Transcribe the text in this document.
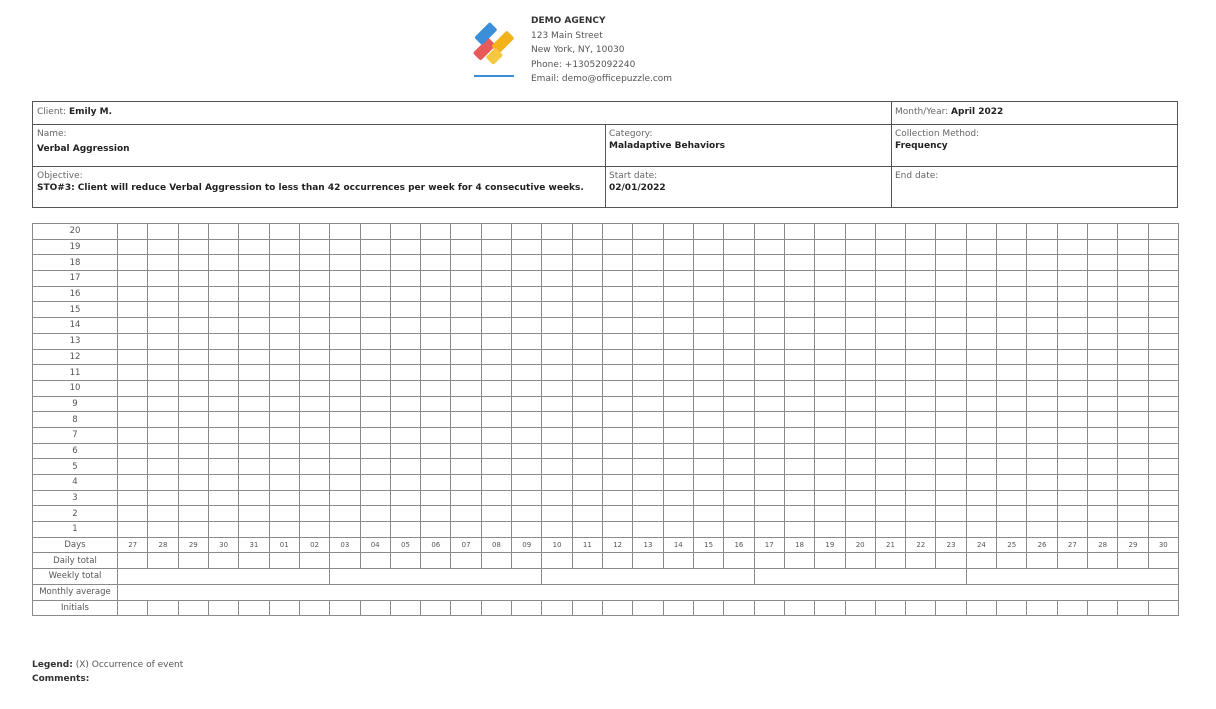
DEMO AGENCY
123 Main Street
New York, NY, 10030
Phone: +13052092240
Email: demo@officepuzzle.com
Client: Emily M.	Month/Year: April 2022
Name:
Verbal Aggression
Category:
Maladaptive Behaviors
Collection Method:
Frequency
Objective:
STO#3: Client will reduce Verbal Aggression to less than 42 occurrences per week for 4 consecutive weeks.
Start date:
02/01/2022
End date:
20																																			
19																																			
18																																			
17																																			
16																																			
15																																			
14																																			
13																																			
12																																			
11																																			
10																																			
9																																			
8																																			
7																																			
6																																			
5																																			
4																																			
3																																			
2																																			
1																																			
Days	27	28	29	30	31	01	02	03	04	05	06	07	08	09	10	11	12	13	14	15	16	17	18	19	20	21	22	23	24	25	26	27	28	29	30
Daily total																																			
Weekly total																																			
Monthly average																																			
Initials																																			
Legend: (X) Occurrence of event
Comments:
